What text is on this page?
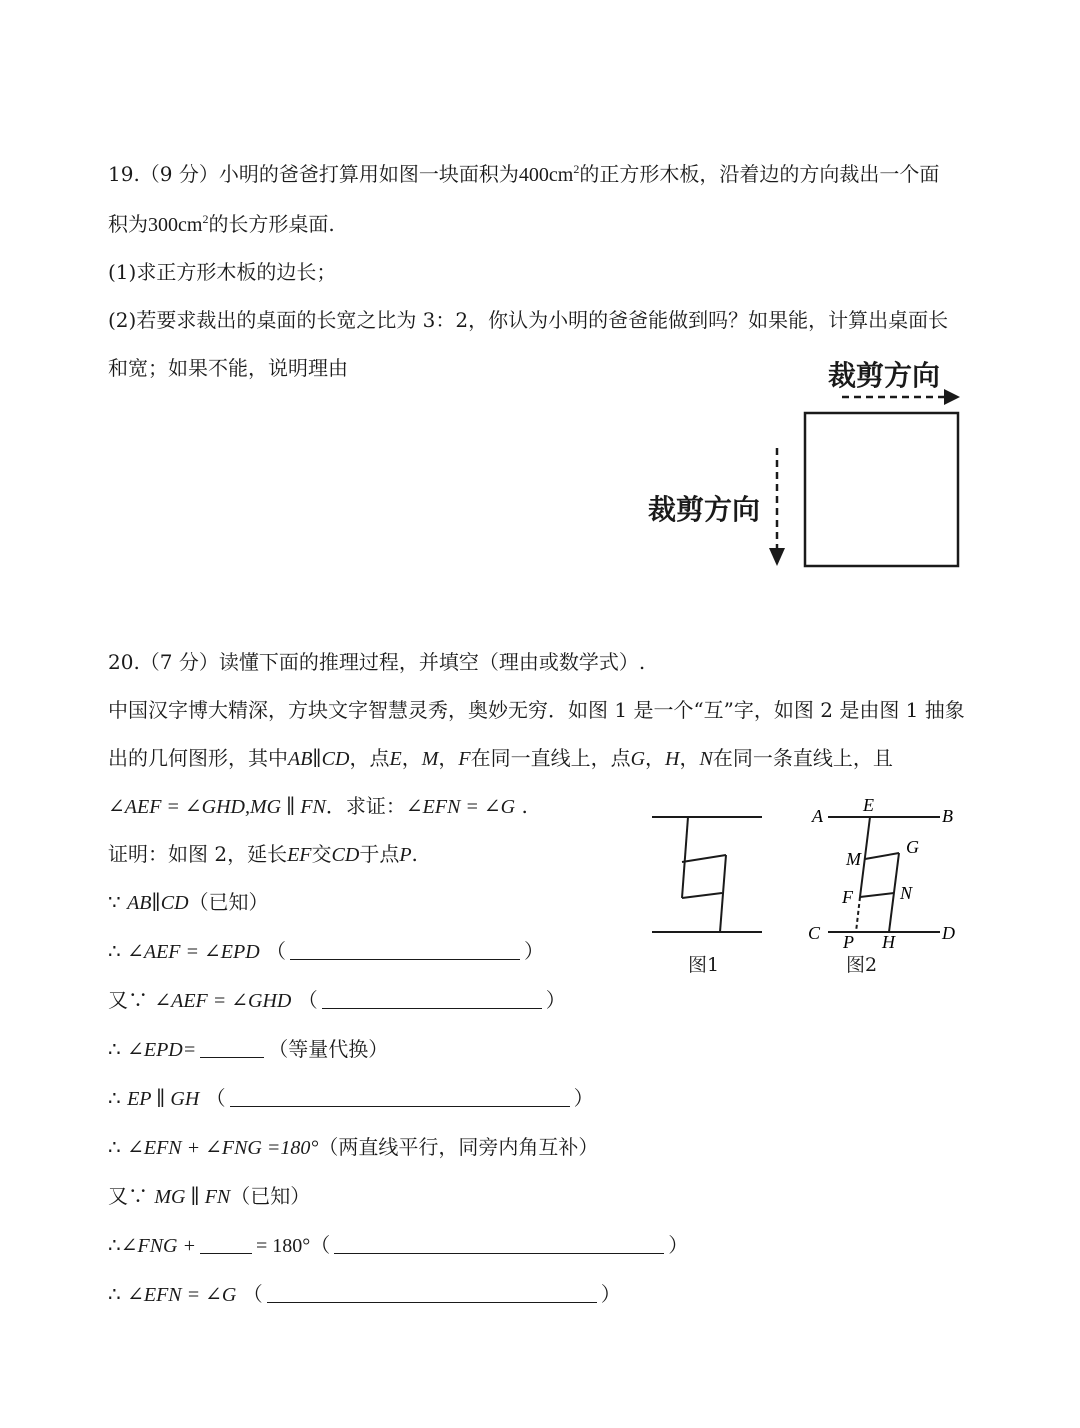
19.（9 分）小明的爸爸打算用如图一块面积为$400cm^2$的正方形木板，沿着边的方向裁出一个面
积为$300cm^2$的长方形桌面.
(1)求正方形木板的边长；
(2)若要求裁出的桌面的长宽之比为 3：2，你认为小明的爸爸能做到吗？如果能，计算出桌面长
和宽；如果不能，说明理由	裁剪方向
裁剪方向
20.（7 分）读懂下面的推理过程，并填空（理由或数学式）.
中国汉字博大精深，方块文字智慧灵秀，奥妙无穷．如图 1 是一个“互”字，如图 2 是由图 1 抽象
出的几何图形，其中AB∥CD，点E，M，F在同一直线上，点G，H，N在同一条直线上，且
∠AEF = ∠GHD,MG ∥ FN．求证：∠EFN = ∠G .
证明：如图 2，延长EF交CD于点P.
∵ AB∥CD（已知）
∴ ∠AEF = ∠EPD （	）
又∵ ∠AEF = ∠GHD （	）
∴ ∠EPD=	（等量代换）
∴ EP ∥ GH （	）
∴ ∠EFN + ∠FNG =180°（两直线平行，同旁内角互补）
又∵ MG ∥ FN（已知）
∴∠FNG +	= 180°（	）
∴ ∠EFN = ∠G （	）
A
E
B
M
G
F	N
C P H	D
图1	图2
